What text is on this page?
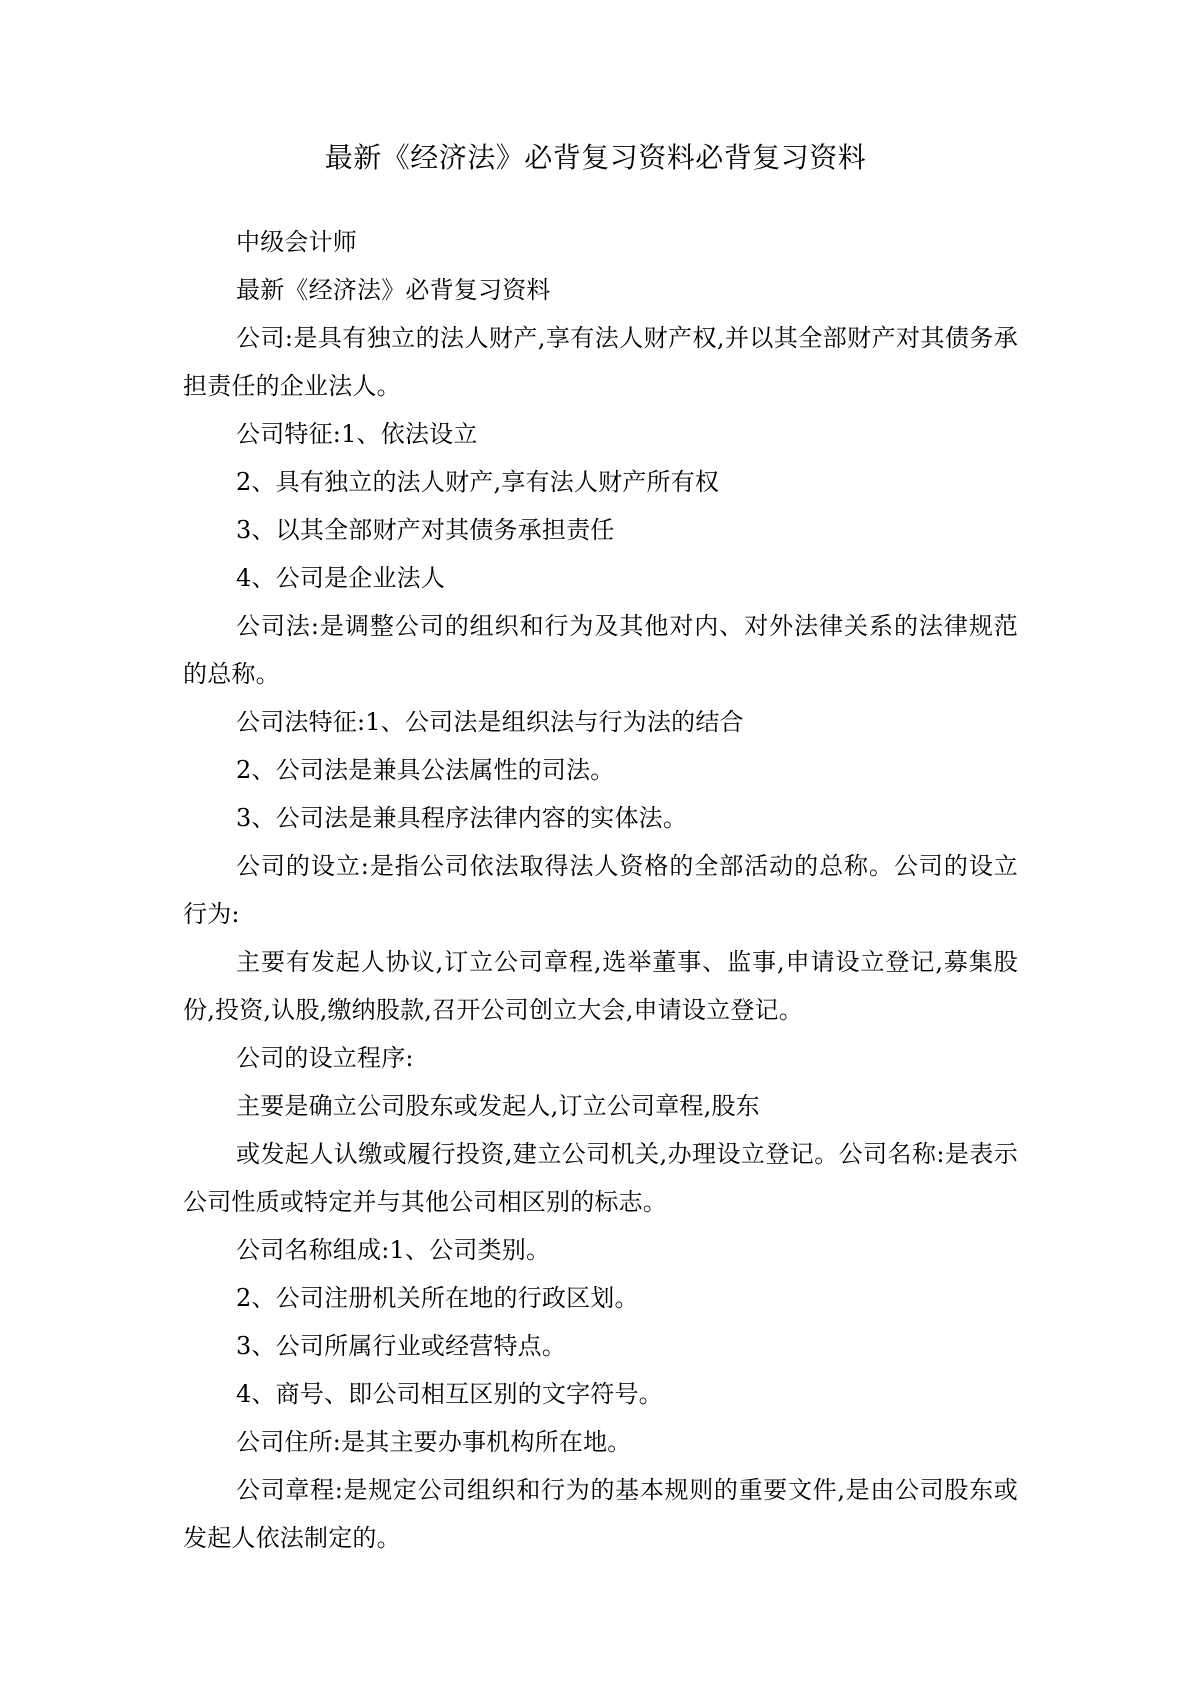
最新《经济法》必背复习资料必背复习资料

中级会计师

最新《经济法》必背复习资料

公司:是具有独立的法人财产,享有法人财产权,并以其全部财产对其债务承担责任的企业法人。

公司特征:1、依法设立

2、具有独立的法人财产,享有法人财产所有权

3、以其全部财产对其债务承担责任

4、公司是企业法人

公司法:是调整公司的组织和行为及其他对内、对外法律关系的法律规范的总称。

公司法特征:1、公司法是组织法与行为法的结合

2、公司法是兼具公法属性的司法。

3、公司法是兼具程序法律内容的实体法。

公司的设立:是指公司依法取得法人资格的全部活动的总称。公司的设立行为:

主要有发起人协议,订立公司章程,选举董事、监事,申请设立登记,募集股份,投资,认股,缴纳股款,召开公司创立大会,申请设立登记。

公司的设立程序:

主要是确立公司股东或发起人,订立公司章程,股东

或发起人认缴或履行投资,建立公司机关,办理设立登记。公司名称:是表示公司性质或特定并与其他公司相区别的标志。

公司名称组成:1、公司类别。

2、公司注册机关所在地的行政区划。

3、公司所属行业或经营特点。

4、商号、即公司相互区别的文字符号。

公司住所:是其主要办事机构所在地。

公司章程:是规定公司组织和行为的基本规则的重要文件,是由公司股东或发起人依法制定的。
